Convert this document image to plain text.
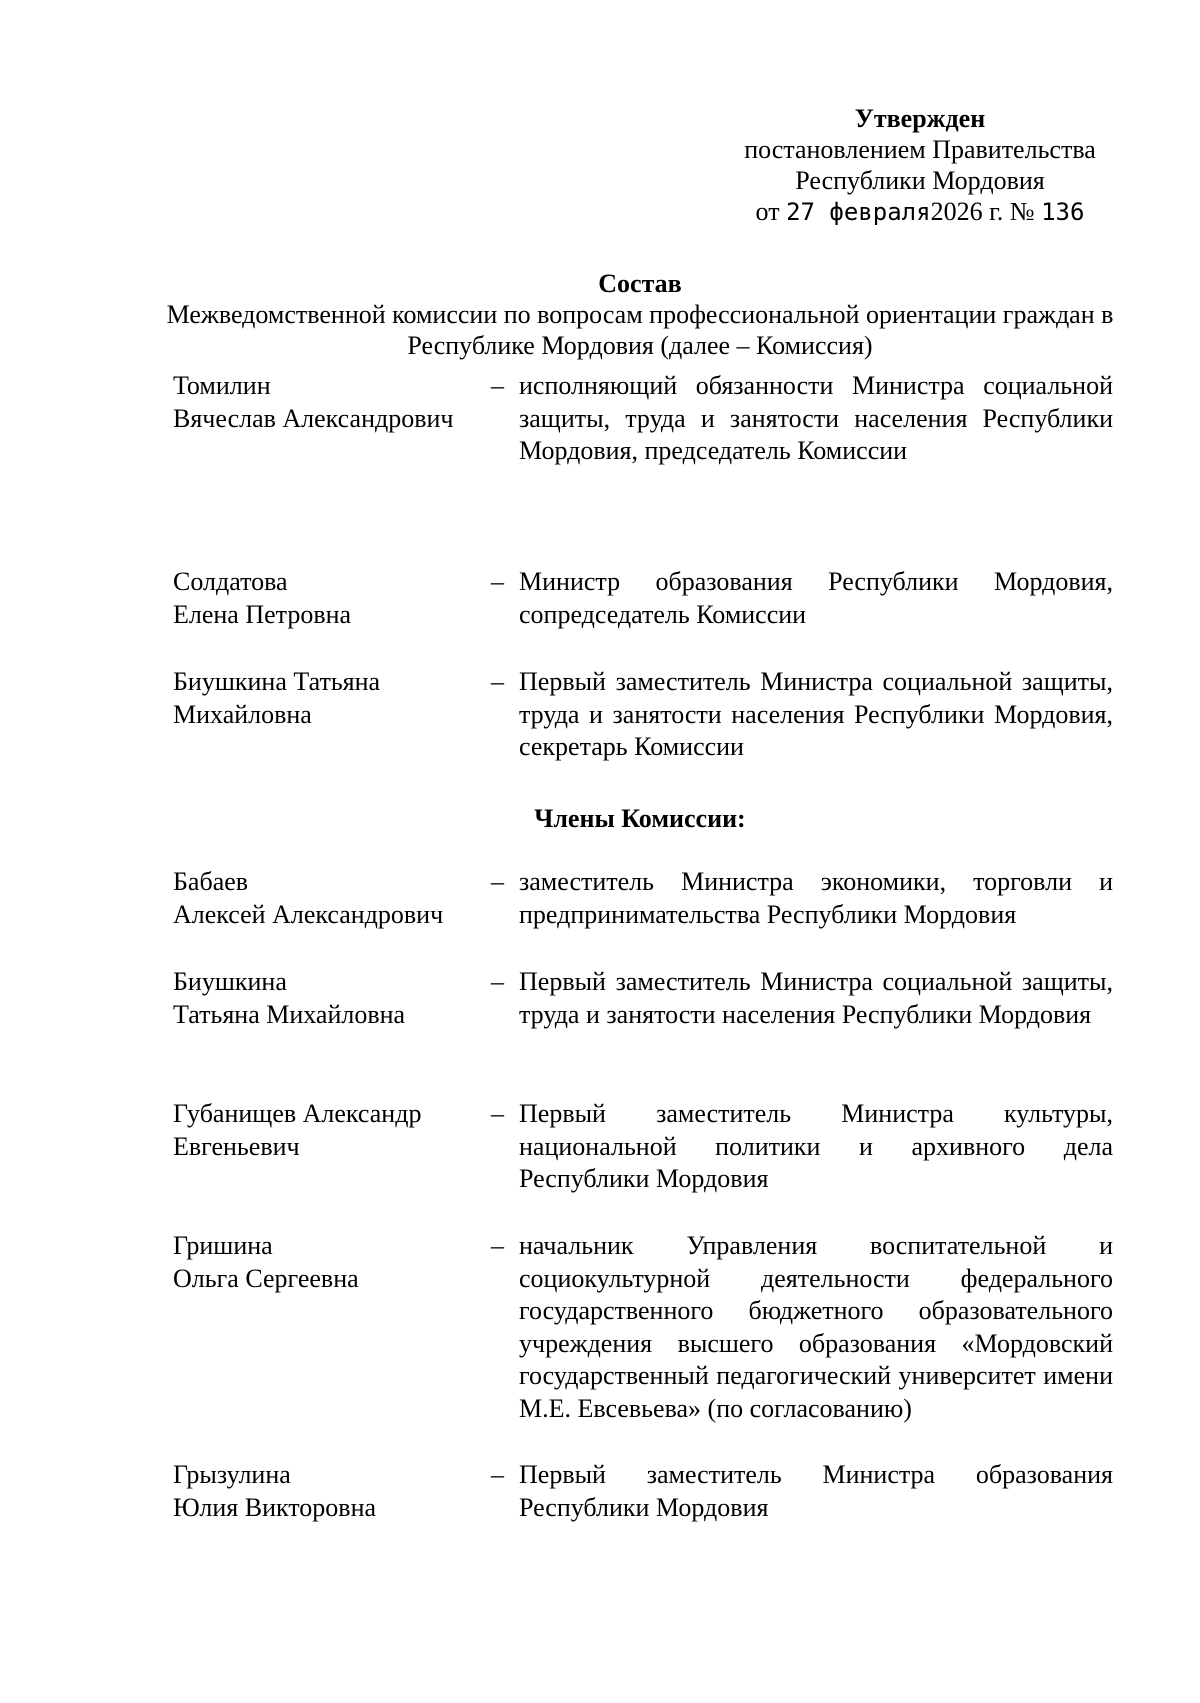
Утвержден
постановлением Правительства
Республики Мордовия
от 27 февраля2026 г. № 136
Состав
Межведомственной комиссии по вопросам профессиональной ориентации граждан в Республике Мордовия (далее – Комиссия)
Томилин
Вячеслав Александрович
– исполняющий обязанности Министра социальной защиты, труда и занятости населения Республики Мордовия, председатель Комиссии
Солдатова
Елена Петровна
– Министр образования Республики Мордовия, сопредседатель Комиссии
Биушкина Татьяна
Михайловна
– Первый заместитель Министра социальной защиты, труда и занятости населения Республики Мордовия, секретарь Комиссии
Члены Комиссии:
Бабаев
Алексей Александрович
– заместитель Министра экономики, торговли и предпринимательства Республики Мордовия
Биушкина
Татьяна Михайловна
– Первый заместитель Министра социальной защиты, труда и занятости населения Республики Мордовия
Губанищев Александр
Евгеньевич
– Первый заместитель Министра культуры, национальной политики и архивного дела Республики Мордовия
Гришина
Ольга Сергеевна
– начальник Управления воспитательной и социокультурной деятельности федерального государственного бюджетного образовательного учреждения высшего образования «Мордовский государственный педагогический университет имени М.Е. Евсевьева» (по согласованию)
Грызулина
Юлия Викторовна
– Первый заместитель Министра образования Республики Мордовия
